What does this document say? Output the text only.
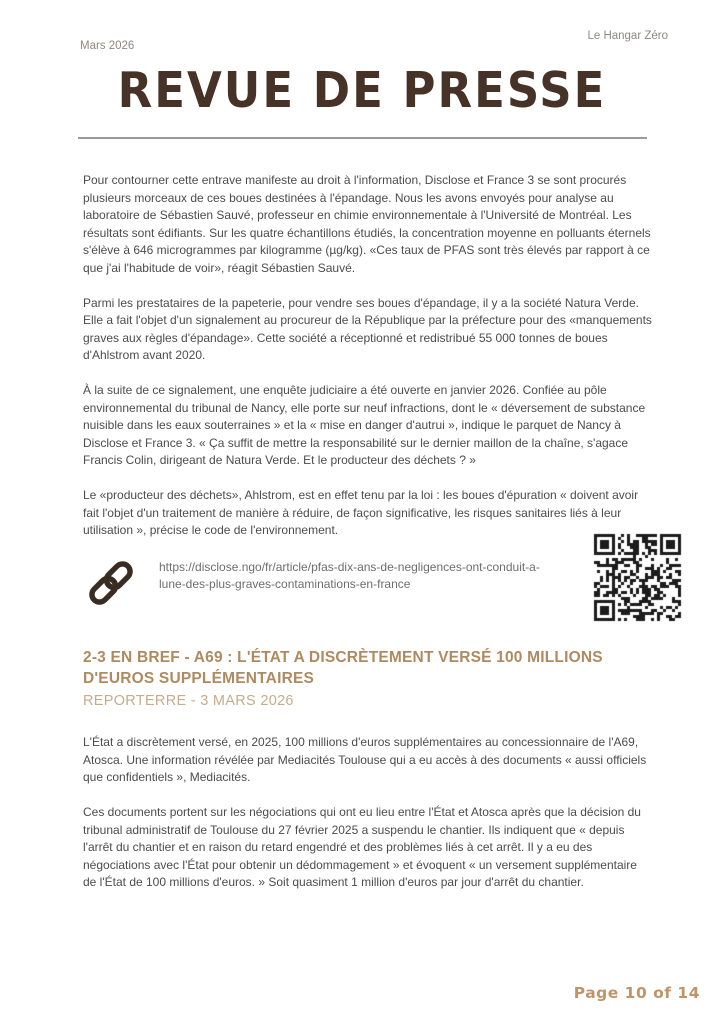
Mars 2026
Le Hangar Zéro
REVUE DE PRESSE

Pour contourner cette entrave manifeste au droit à l'information, Disclose et France 3 se sont procurés plusieurs morceaux de ces boues destinées à l'épandage. Nous les avons envoyés pour analyse au laboratoire de Sébastien Sauvé, professeur en chimie environnementale à l'Université de Montréal. Les résultats sont édifiants. Sur les quatre échantillons étudiés, la concentration moyenne en polluants éternels s'élève à 646 microgrammes par kilogramme (µg/kg). «Ces taux de PFAS sont très élevés par rapport à ce que j'ai l'habitude de voir», réagit Sébastien Sauvé.

Parmi les prestataires de la papeterie, pour vendre ses boues d'épandage, il y a la société Natura Verde. Elle a fait l'objet d'un signalement au procureur de la République par la préfecture pour des «manquements graves aux règles d'épandage». Cette société a réceptionné et redistribué 55 000 tonnes de boues d'Ahlstrom avant 2020.

À la suite de ce signalement, une enquête judiciaire a été ouverte en janvier 2026. Confiée au pôle environnemental du tribunal de Nancy, elle porte sur neuf infractions, dont le « déversement de substance nuisible dans les eaux souterraines » et la « mise en danger d'autrui », indique le parquet de Nancy à Disclose et France 3. « Ça suffit de mettre la responsabilité sur le dernier maillon de la chaîne, s'agace Francis Colin, dirigeant de Natura Verde. Et le producteur des déchets ? »

Le «producteur des déchets», Ahlstrom, est en effet tenu par la loi : les boues d'épuration « doivent avoir fait l'objet d'un traitement de manière à réduire, de façon significative, les risques sanitaires liés à leur utilisation », précise le code de l'environnement.

https://disclose.ngo/fr/article/pfas-dix-ans-de-negligences-ont-conduit-a-lune-des-plus-graves-contaminations-en-france
2-3 EN BREF - A69 : L'ÉTAT A DISCRÈTEMENT VERSÉ 100 MILLIONS D'EUROS SUPPLÉMENTAIRES
REPORTERRE - 3 MARS 2026

L'État a discrètement versé, en 2025, 100 millions d'euros supplémentaires au concessionnaire de l'A69, Atosca. Une information révélée par Mediacités Toulouse qui a eu accès à des documents « aussi officiels que confidentiels », Mediacités.

Ces documents portent sur les négociations qui ont eu lieu entre l'État et Atosca après que la décision du tribunal administratif de Toulouse du 27 février 2025 a suspendu le chantier. Ils indiquent que « depuis l'arrêt du chantier et en raison du retard engendré et des problèmes liés à cet arrêt. Il y a eu des négociations avec l'État pour obtenir un dédommagement » et évoquent « un versement supplémentaire de l'État de 100 millions d'euros. » Soit quasiment 1 million d'euros par jour d'arrêt du chantier.

Page 10 of 14
